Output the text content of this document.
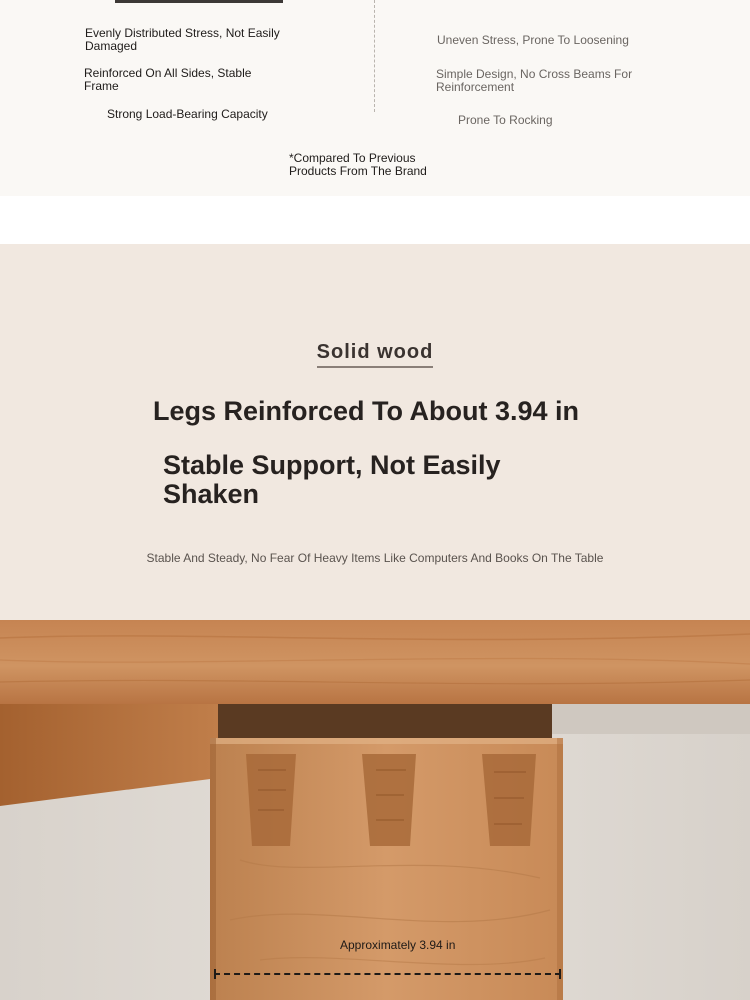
Evenly Distributed Stress, Not Easily Damaged
Reinforced On All Sides, Stable Frame
Strong Load-Bearing Capacity
Uneven Stress, Prone To Loosening
Simple Design, No Cross Beams For Reinforcement
Prone To Rocking
*Compared To Previous Products From The Brand
Solid wood
Legs Reinforced To About 3.94 in
Stable Support, Not Easily Shaken
Stable And Steady, No Fear Of Heavy Items Like Computers And Books On The Table
Approximately 3.94 in
